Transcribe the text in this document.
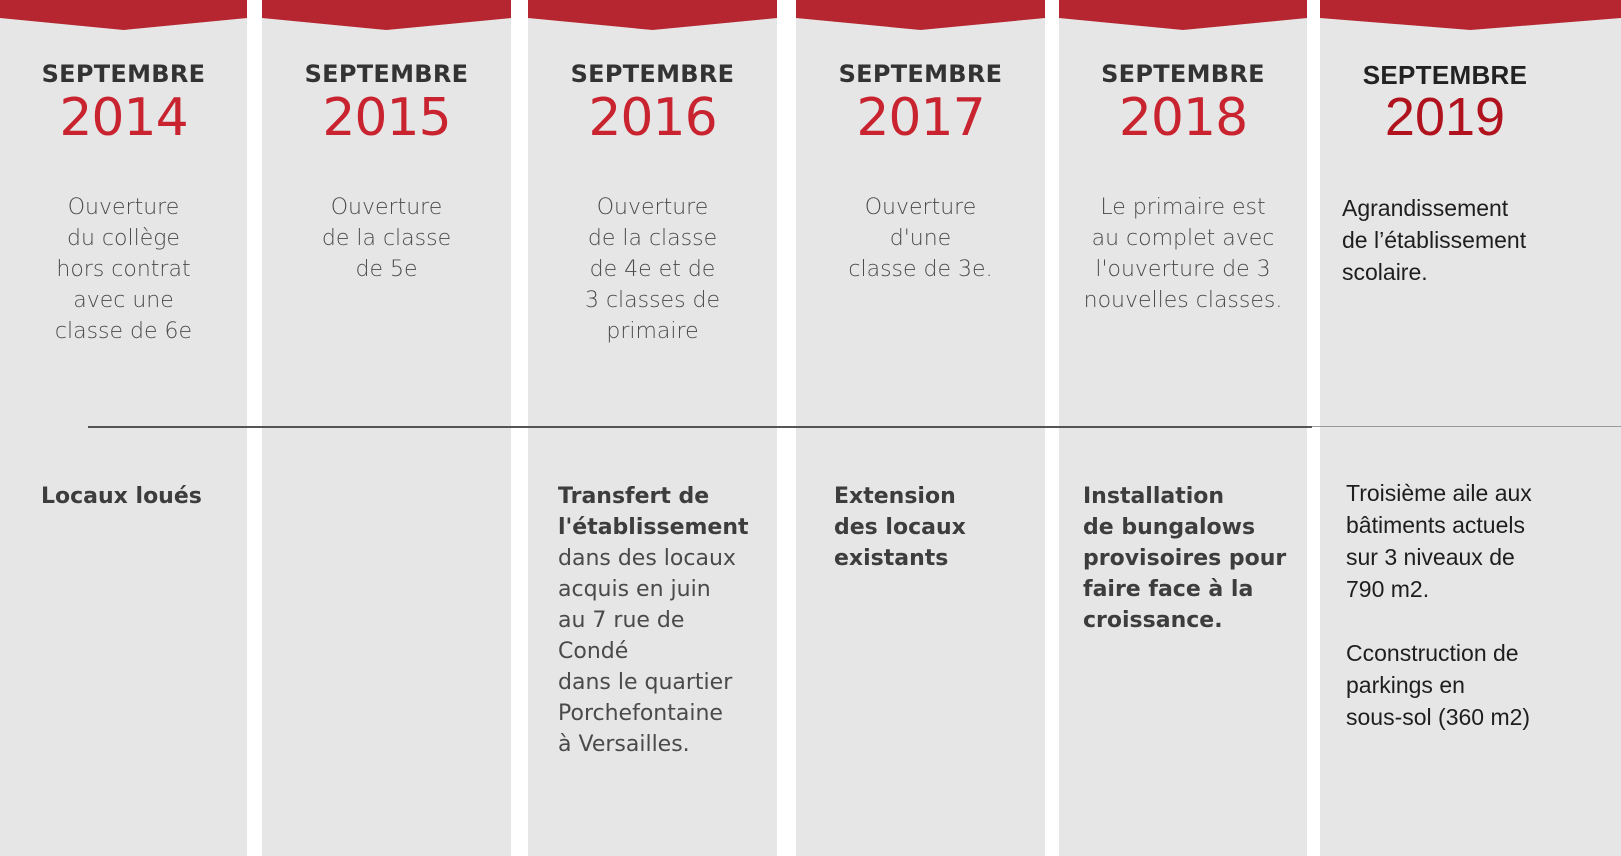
SEPTEMBRE
2014
Ouverture
du collège
hors contrat
avec une
classe de 6e

Locaux loués

SEPTEMBRE
2015
Ouverture
de la classe
de 5e
SEPTEMBRE
2016
Ouverture
de la classe
de 4e et de
3 classes de
primaire

Transfert de
l'établissement
dans des locaux
acquis en juin
au 7 rue de
Condé
dans le quartier
Porchefontaine
à Versailles.

SEPTEMBRE
2017
Ouverture
d'une
classe de 3e.

Extension
des locaux
existants

SEPTEMBRE
2018
Le primaire est
au complet avec
l'ouverture de 3
nouvelles classes.

Installation
de bungalows
provisoires pour
faire face à la
croissance.

SEPTEMBRE
2019
Agrandissement
de l’établissement
scolaire.

Troisième aile aux
bâtiments actuels
sur 3 niveaux de
790 m2.

Cconstruction de
parkings en
sous-sol (360 m2)
